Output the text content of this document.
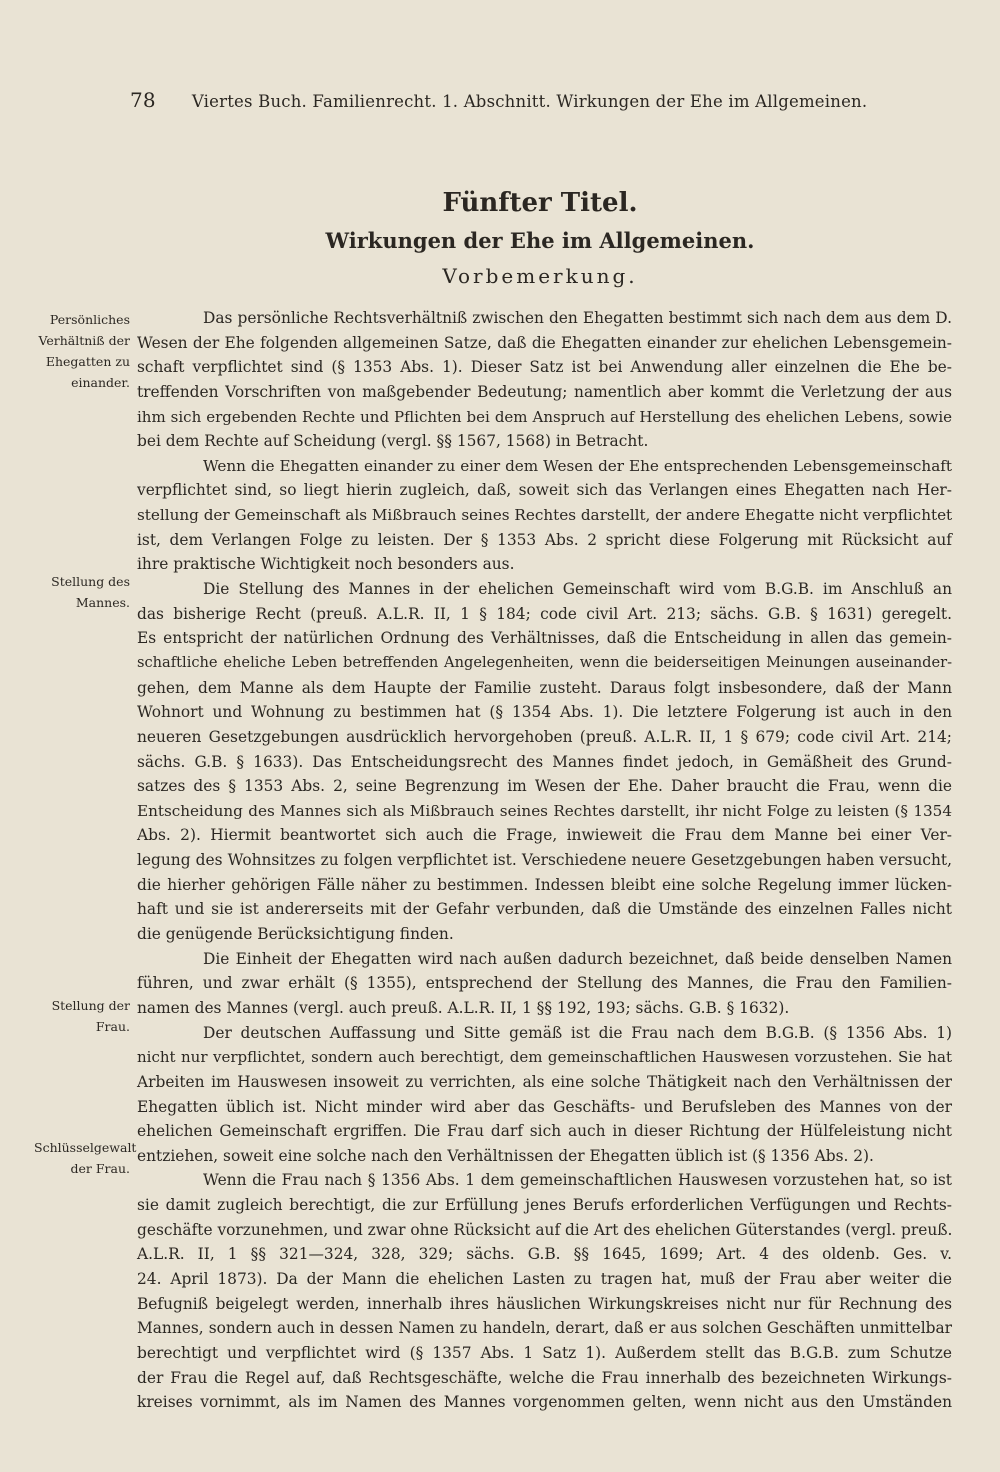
78 Viertes Buch. Familienrecht. 1. Abschnitt. Wirkungen der Ehe im Allgemeinen.
Fünfter Titel.
Wirkungen der Ehe im Allgemeinen.
Vorbemerkung.
Persönliches Verhältniß der Ehegatten zu einander.
Stellung des Mannes.
Stellung der Frau.
Schlüsselgewalt der Frau.
Das persönliche Rechtsverhältniß zwischen den Ehegatten bestimmt sich nach dem aus dem D.
Wesen der Ehe folgenden allgemeinen Satze, daß die Ehegatten einander zur ehelichen Lebensgemein-
schaft verpflichtet sind (§ 1353 Abs. 1). Dieser Satz ist bei Anwendung aller einzelnen die Ehe be-
treffenden Vorschriften von maßgebender Bedeutung; namentlich aber kommt die Verletzung der aus
ihm sich ergebenden Rechte und Pflichten bei dem Anspruch auf Herstellung des ehelichen Lebens, sowie
bei dem Rechte auf Scheidung (vergl. §§ 1567, 1568) in Betracht.
Wenn die Ehegatten einander zu einer dem Wesen der Ehe entsprechenden Lebensgemeinschaft
verpflichtet sind, so liegt hierin zugleich, daß, soweit sich das Verlangen eines Ehegatten nach Her-
stellung der Gemeinschaft als Mißbrauch seines Rechtes darstellt, der andere Ehegatte nicht verpflichtet
ist, dem Verlangen Folge zu leisten. Der § 1353 Abs. 2 spricht diese Folgerung mit Rücksicht auf
ihre praktische Wichtigkeit noch besonders aus.
Die Stellung des Mannes in der ehelichen Gemeinschaft wird vom B.G.B. im Anschluß an
das bisherige Recht (preuß. A.L.R. II, 1 § 184; code civil Art. 213; sächs. G.B. § 1631) geregelt.
Es entspricht der natürlichen Ordnung des Verhältnisses, daß die Entscheidung in allen das gemein-
schaftliche eheliche Leben betreffenden Angelegenheiten, wenn die beiderseitigen Meinungen auseinander-
gehen, dem Manne als dem Haupte der Familie zusteht. Daraus folgt insbesondere, daß der Mann
Wohnort und Wohnung zu bestimmen hat (§ 1354 Abs. 1). Die letztere Folgerung ist auch in den
neueren Gesetzgebungen ausdrücklich hervorgehoben (preuß. A.L.R. II, 1 § 679; code civil Art. 214;
sächs. G.B. § 1633). Das Entscheidungsrecht des Mannes findet jedoch, in Gemäßheit des Grund-
satzes des § 1353 Abs. 2, seine Begrenzung im Wesen der Ehe. Daher braucht die Frau, wenn die
Entscheidung des Mannes sich als Mißbrauch seines Rechtes darstellt, ihr nicht Folge zu leisten (§ 1354
Abs. 2). Hiermit beantwortet sich auch die Frage, inwieweit die Frau dem Manne bei einer Ver-
legung des Wohnsitzes zu folgen verpflichtet ist. Verschiedene neuere Gesetzgebungen haben versucht,
die hierher gehörigen Fälle näher zu bestimmen. Indessen bleibt eine solche Regelung immer lücken-
haft und sie ist andererseits mit der Gefahr verbunden, daß die Umstände des einzelnen Falles nicht
die genügende Berücksichtigung finden.
Die Einheit der Ehegatten wird nach außen dadurch bezeichnet, daß beide denselben Namen
führen, und zwar erhält (§ 1355), entsprechend der Stellung des Mannes, die Frau den Familien-
namen des Mannes (vergl. auch preuß. A.L.R. II, 1 §§ 192, 193; sächs. G.B. § 1632).
Der deutschen Auffassung und Sitte gemäß ist die Frau nach dem B.G.B. (§ 1356 Abs. 1)
nicht nur verpflichtet, sondern auch berechtigt, dem gemeinschaftlichen Hauswesen vorzustehen. Sie hat
Arbeiten im Hauswesen insoweit zu verrichten, als eine solche Thätigkeit nach den Verhältnissen der
Ehegatten üblich ist. Nicht minder wird aber das Geschäfts- und Berufsleben des Mannes von der
ehelichen Gemeinschaft ergriffen. Die Frau darf sich auch in dieser Richtung der Hülfeleistung nicht
entziehen, soweit eine solche nach den Verhältnissen der Ehegatten üblich ist (§ 1356 Abs. 2).
Wenn die Frau nach § 1356 Abs. 1 dem gemeinschaftlichen Hauswesen vorzustehen hat, so ist
sie damit zugleich berechtigt, die zur Erfüllung jenes Berufs erforderlichen Verfügungen und Rechts-
geschäfte vorzunehmen, und zwar ohne Rücksicht auf die Art des ehelichen Güterstandes (vergl. preuß.
A.L.R. II, 1 §§ 321—324, 328, 329; sächs. G.B. §§ 1645, 1699; Art. 4 des oldenb. Ges. v.
24. April 1873). Da der Mann die ehelichen Lasten zu tragen hat, muß der Frau aber weiter die
Befugniß beigelegt werden, innerhalb ihres häuslichen Wirkungskreises nicht nur für Rechnung des
Mannes, sondern auch in dessen Namen zu handeln, derart, daß er aus solchen Geschäften unmittelbar
berechtigt und verpflichtet wird (§ 1357 Abs. 1 Satz 1). Außerdem stellt das B.G.B. zum Schutze
der Frau die Regel auf, daß Rechtsgeschäfte, welche die Frau innerhalb des bezeichneten Wirkungs-
kreises vornimmt, als im Namen des Mannes vorgenommen gelten, wenn nicht aus den Umständen
